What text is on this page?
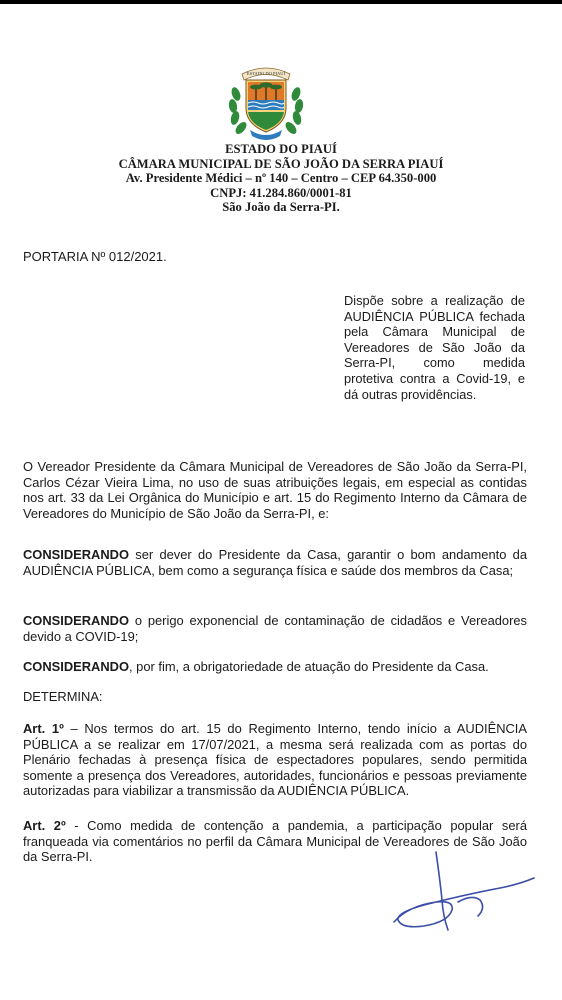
ESTADO DO PIAUÍ
ESTADO DO PIAUÍ
CÂMARA MUNICIPAL DE SÃO JOÃO DA SERRA PIAUÍ
Av. Presidente Médici – nº 140 – Centro – CEP 64.350-000
CNPJ: 41.284.860/0001-81
São João da Serra-PI.
PORTARIA Nº 012/2021.
Dispõe sobre a realização de AUDIÊNCIA PÚBLICA fechada pela Câmara Municipal de Vereadores de São João da Serra-PI, como medida protetiva contra a Covid-19, e dá outras providências.

O Vereador Presidente da Câmara Municipal de Vereadores de São João da Serra-PI, Carlos Cézar Vieira Lima, no uso de suas atribuições legais, em especial as contidas nos art. 33 da Lei Orgânica do Município e art. 15 do Regimento Interno da Câmara de Vereadores do Município de São João da Serra-PI, e:

CONSIDERANDO ser dever do Presidente da Casa, garantir o bom andamento da AUDIÊNCIA PÚBLICA, bem como a segurança física e saúde dos membros da Casa;

CONSIDERANDO o perigo exponencial de contaminação de cidadãos e Vereadores devido a COVID-19;

CONSIDERANDO, por fim, a obrigatoriedade de atuação do Presidente da Casa.

DETERMINA:

Art. 1º – Nos termos do art. 15 do Regimento Interno, tendo início a AUDIÊNCIA PÚBLICA a se realizar em 17/07/2021, a mesma será realizada com as portas do Plenário fechadas à presença física de espectadores populares, sendo permitida somente a presença dos Vereadores, autoridades, funcionários e pessoas previamente autorizadas para viabilizar a transmissão da AUDIÊNCIA PÚBLICA.

Art. 2º - Como medida de contenção a pandemia, a participação popular será franqueada via comentários no perfil da Câmara Municipal de Vereadores de São João da Serra-PI.
